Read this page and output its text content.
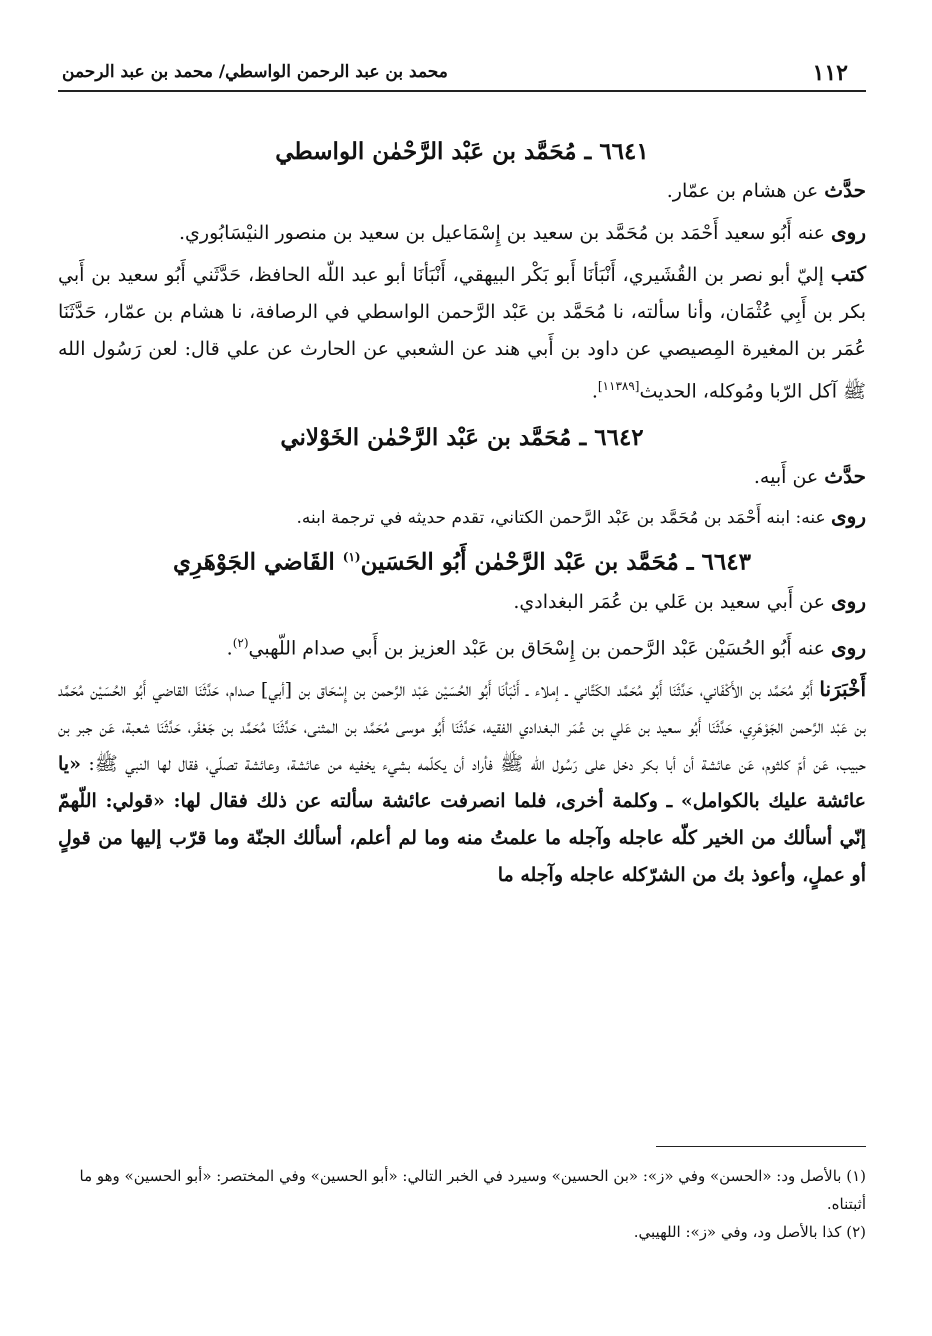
١١٢
محمد بن عبد الرحمن الواسطي/ محمد بن عبد الرحمن
٦٦٤١ ـ مُحَمَّد بن عَبْد الرَّحْمٰن الواسطي

حدَّث عن هشام بن عمّار.

روى عنه أَبُو سعيد أَحْمَد بن مُحَمَّد بن سعيد بن إِسْمَاعيل بن سعيد بن منصور النيْسَابُوري.

كتب إليّ أبو نصر بن القُشَيري، أَنْبَأنَا أَبو بَكْر البيهقي، أَنْبَأنَا أبو عبد اللّه الحافظ، حَدَّثَني أَبُو سعيد بن أَبي بكر بن أَبِي عُثْمَان، وأنا سألته، نا مُحَمَّد بن عَبْد الرَّحمن الواسطي في الرصافة، نا هشام بن عمّار، حَدَّثَنَا عُمَر بن المغيرة المِصيصي عن داود بن أَبي هند عن الشعبي عن الحارث عن علي قال: لعن رَسُول الله ﷺ آكل الرّبا ومُوكله، الحديث[١١٣٨٩].

٦٦٤٢ ـ مُحَمَّد بن عَبْد الرَّحْمٰن الخَوْلاني

حدَّث عن أَبيه.

روى عنه: ابنه أَحْمَد بن مُحَمَّد بن عَبْد الرَّحمن الكتاني، تقدم حديثه في ترجمة ابنه.

٦٦٤٣ ـ مُحَمَّد بن عَبْد الرَّحْمٰن أَبُو الحَسَين$^{(١)}$ القَاضي الجَوْهَرِي

روى عن أَبي سعيد بن عَلي بن عُمَر البغدادي.

روى عنه أَبُو الحُسَيْن عَبْد الرَّحمن بن إِسْحَاق بن عَبْد العزيز بن أَبي صدام اللّهبي$^{(٢)}$.

أَخْبَرَنا أَبُو مُحَمَّد بن الأَكْفَاني، حَدَّثَنَا أَبُو مُحَمَّد الكَتَّاني ـ إملاء ـ أَنْبَأنَا أَبُو الحُسَيْن عَبْد الرَّحمن بن إِسْحَاق بن [أبي] صدام، حَدَّثَنَا القاضي أَبُو الحُسَيْن مُحَمَّد بن عَبْد الرَّحمن الجَوْهَرِي، حَدَّثَنَا أَبُو سعيد بن عَلي بن عُمَر البغدادي الفقيه، حَدَّثَنَا أَبُو موسى مُحَمَّد بن المثنى، حَدَّثَنَا مُحَمَّد بن جَعْفَر، حَدَّثَنَا شعبة، عَن جبر بن حبيب، عَن أمّ كلثوم، عَن عائشة أن أبا بكر دخل على رَسُول الله ﷺ فأراد أن يكلّمه بشيء يخفيه من عائشة، وعائشة تصلّي، فقال لها النبي ﷺ: «يا عائشة عليك بالكوامل» ـ وكلمة أخرى، فلما انصرفت عائشة سألته عن ذلك فقال لها: «قولي: اللّهمّ إنّي أسألك من الخير كلّه عاجله وآجله ما علمتُ منه وما لم أعلم، أسألك الجنّة وما قرّب إليها من قولٍ أو عملٍ، وأعوذ بك من الشرّكله عاجله وآجله ما

(١) بالأصل ود: «الحسن» وفي «ز»: «بن الحسين» وسيرد في الخبر التالي: «أبو الحسين» وفي المختصر: «أبو الحسين» وهو ما أثبتناه.

(٢) كذا بالأصل ود، وفي «ز»: اللهيبي.
